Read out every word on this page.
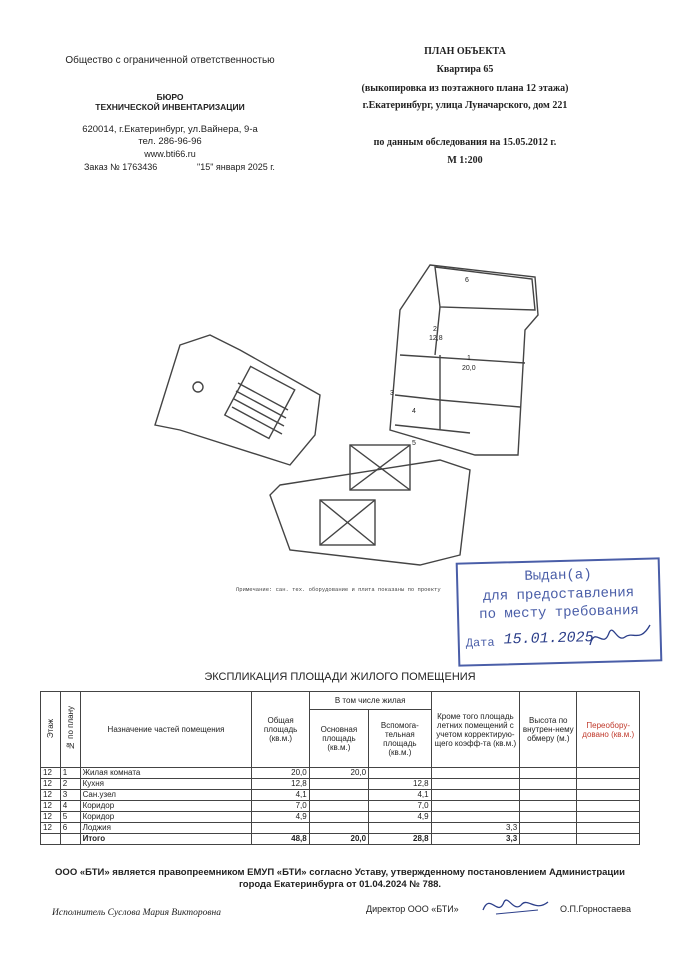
Общество с ограниченной ответственностью
БЮРО
ТЕХНИЧЕСКОЙ ИНВЕНТАРИЗАЦИИ
620014, г.Екатеринбург, ул.Вайнера, 9-а
тел. 286-96-96
www.bti66.ru
Заказ № 1763436	"15" января 2025 г.
ПЛАН ОБЪЕКТА
Квартира 65
(выкопировка из поэтажного плана 12 этажа)
г.Екатеринбург, улица Луначарского, дом 221
по данным обследования на 15.05.2012 г.
М 1:200
6
2
12,8
1
20,0
3
4
5
Примечание: сан. тех. оборудование и плита показаны по проекту
Выдан(а)
для предоставления
по месту требования
Дата 15.01.2025
ЭКСПЛИКАЦИЯ ПЛОЩАДИ ЖИЛОГО ПОМЕЩЕНИЯ
Этаж	№ по плану	Назначение частей помещения	Общая площадь (кв.м.)	В том числе жилая		Кроме того площадь летних помещений с учетом корректирую-щего коэфф-та (кв.м.)	Высота по внутрен-нему обмеру (м.)	Переобору-довано (кв.м.)
				Основная площадь (кв.м.)	Вспомога-тельная площадь (кв.м.)			
12	1	Жилая комната	20,0	20,0				
12	2	Кухня	12,8		12,8			
12	3	Сан.узел	4,1		4,1			
12	4	Коридор	7,0		7,0			
12	5	Коридор	4,9		4,9			
12	6	Лоджия				3,3		
		Итого	48,8	20,0	28,8	3,3		
ООО «БТИ» является правопреемником ЕМУП «БТИ» согласно Уставу, утвержденному постановлением Администрации города Екатеринбурга от 01.04.2024 № 788.
Исполнитель Суслова Мария Викторовна	Директор ООО «БТИ»	О.П.Горностаева
